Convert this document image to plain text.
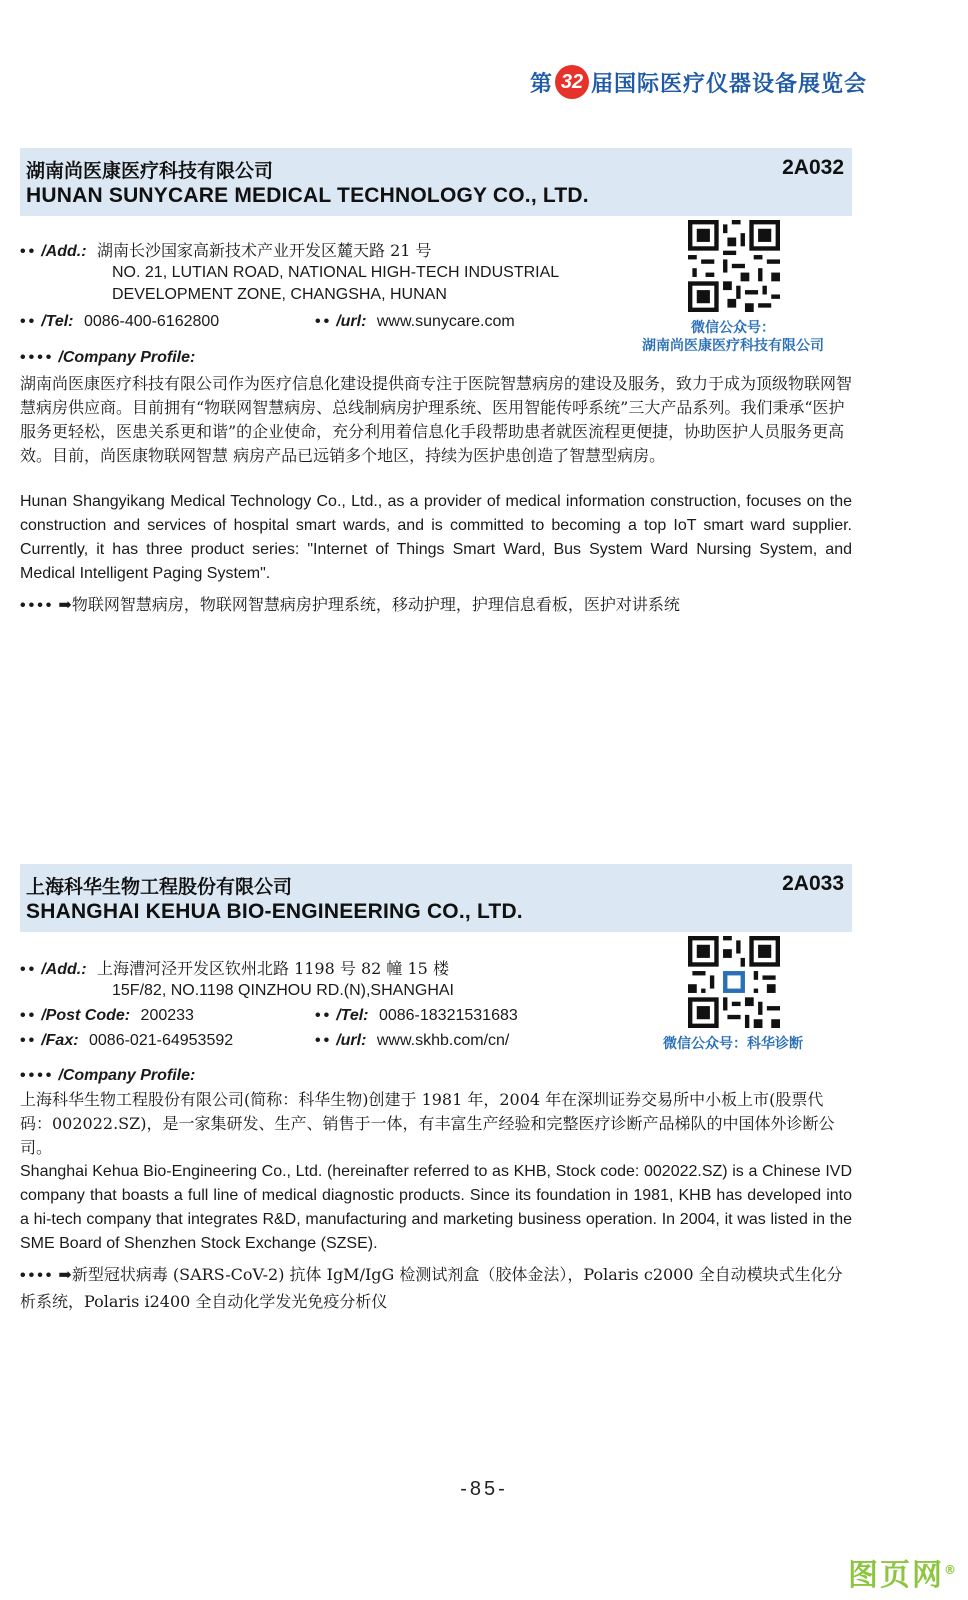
第 32 届国际医疗仪器设备展览会
湖南尚医康医疗科技有限公司
HUNAN SUNYCARE MEDICAL TECHNOLOGY CO., LTD.
2A032
•• /Add.: 湖南长沙国家高新技术产业开发区麓天路 21 号
NO. 21, LUTIAN ROAD, NATIONAL HIGH-TECH INDUSTRIAL
DEVELOPMENT ZONE, CHANGSHA, HUNAN
•• /Tel: 0086-400-6162800	•• /url: www.sunycare.com
•••• /Company Profile:
湖南尚医康医疗科技有限公司作为医疗信息化建设提供商专注于医院智慧病房的建设及服务，致力于成为顶级物联网智慧病房供应商。目前拥有“物联网智慧病房、总线制病房护理系统、医用智能传呼系统”三大产品系列。我们秉承“医护服务更轻松，医患关系更和谐”的企业使命，充分利用着信息化手段帮助患者就医流程更便捷，协助医护人员服务更高效。目前，尚医康物联网智慧 病房产品已远销多个地区，持续为医护患创造了智慧型病房。
Hunan Shangyikang Medical Technology Co., Ltd., as a provider of medical information construction, focuses on the construction and services of hospital smart wards, and is committed to becoming a top IoT smart ward supplier. Currently, it has three product series: "Internet of Things Smart Ward, Bus System Ward Nursing System, and Medical Intelligent Paging System".
•••• ➡物联网智慧病房，物联网智慧病房护理系统，移动护理，护理信息看板，医护对讲系统
微信公众号：
湖南尚医康医疗科技有限公司
上海科华生物工程股份有限公司
SHANGHAI KEHUA BIO-ENGINEERING CO., LTD.
2A033
•• /Add.: 上海漕河泾开发区钦州北路 1198 号 82 幢 15 楼
15F/82, NO.1198 QINZHOU RD.(N),SHANGHAI
•• /Post Code: 200233	•• /Tel: 0086-18321531683
•• /Fax: 0086-021-64953592	•• /url: www.skhb.com/cn/
•••• /Company Profile:
上海科华生物工程股份有限公司(简称：科华生物)创建于 1981 年，2004 年在深圳证券交易所中小板上市(股票代码：002022.SZ)，是一家集研发、生产、销售于一体，有丰富生产经验和完整医疗诊断产品梯队的中国体外诊断公司。
Shanghai Kehua Bio-Engineering Co., Ltd. (hereinafter referred to as KHB, Stock code: 002022.SZ) is a Chinese IVD company that boasts a full line of medical diagnostic products. Since its foundation in 1981, KHB has developed into a hi-tech company that integrates R&D, manufacturing and marketing business operation. In 2004, it was listed in the SME Board of Shenzhen Stock Exchange (SZSE).
•••• ➡新型冠状病毒 (SARS-CoV-2) 抗体 IgM/IgG 检测试剂盒（胶体金法），Polaris c2000 全自动模块式生化分析系统，Polaris i2400 全自动化学发光免疫分析仪
微信公众号：科华诊断
-85-
图页网®
